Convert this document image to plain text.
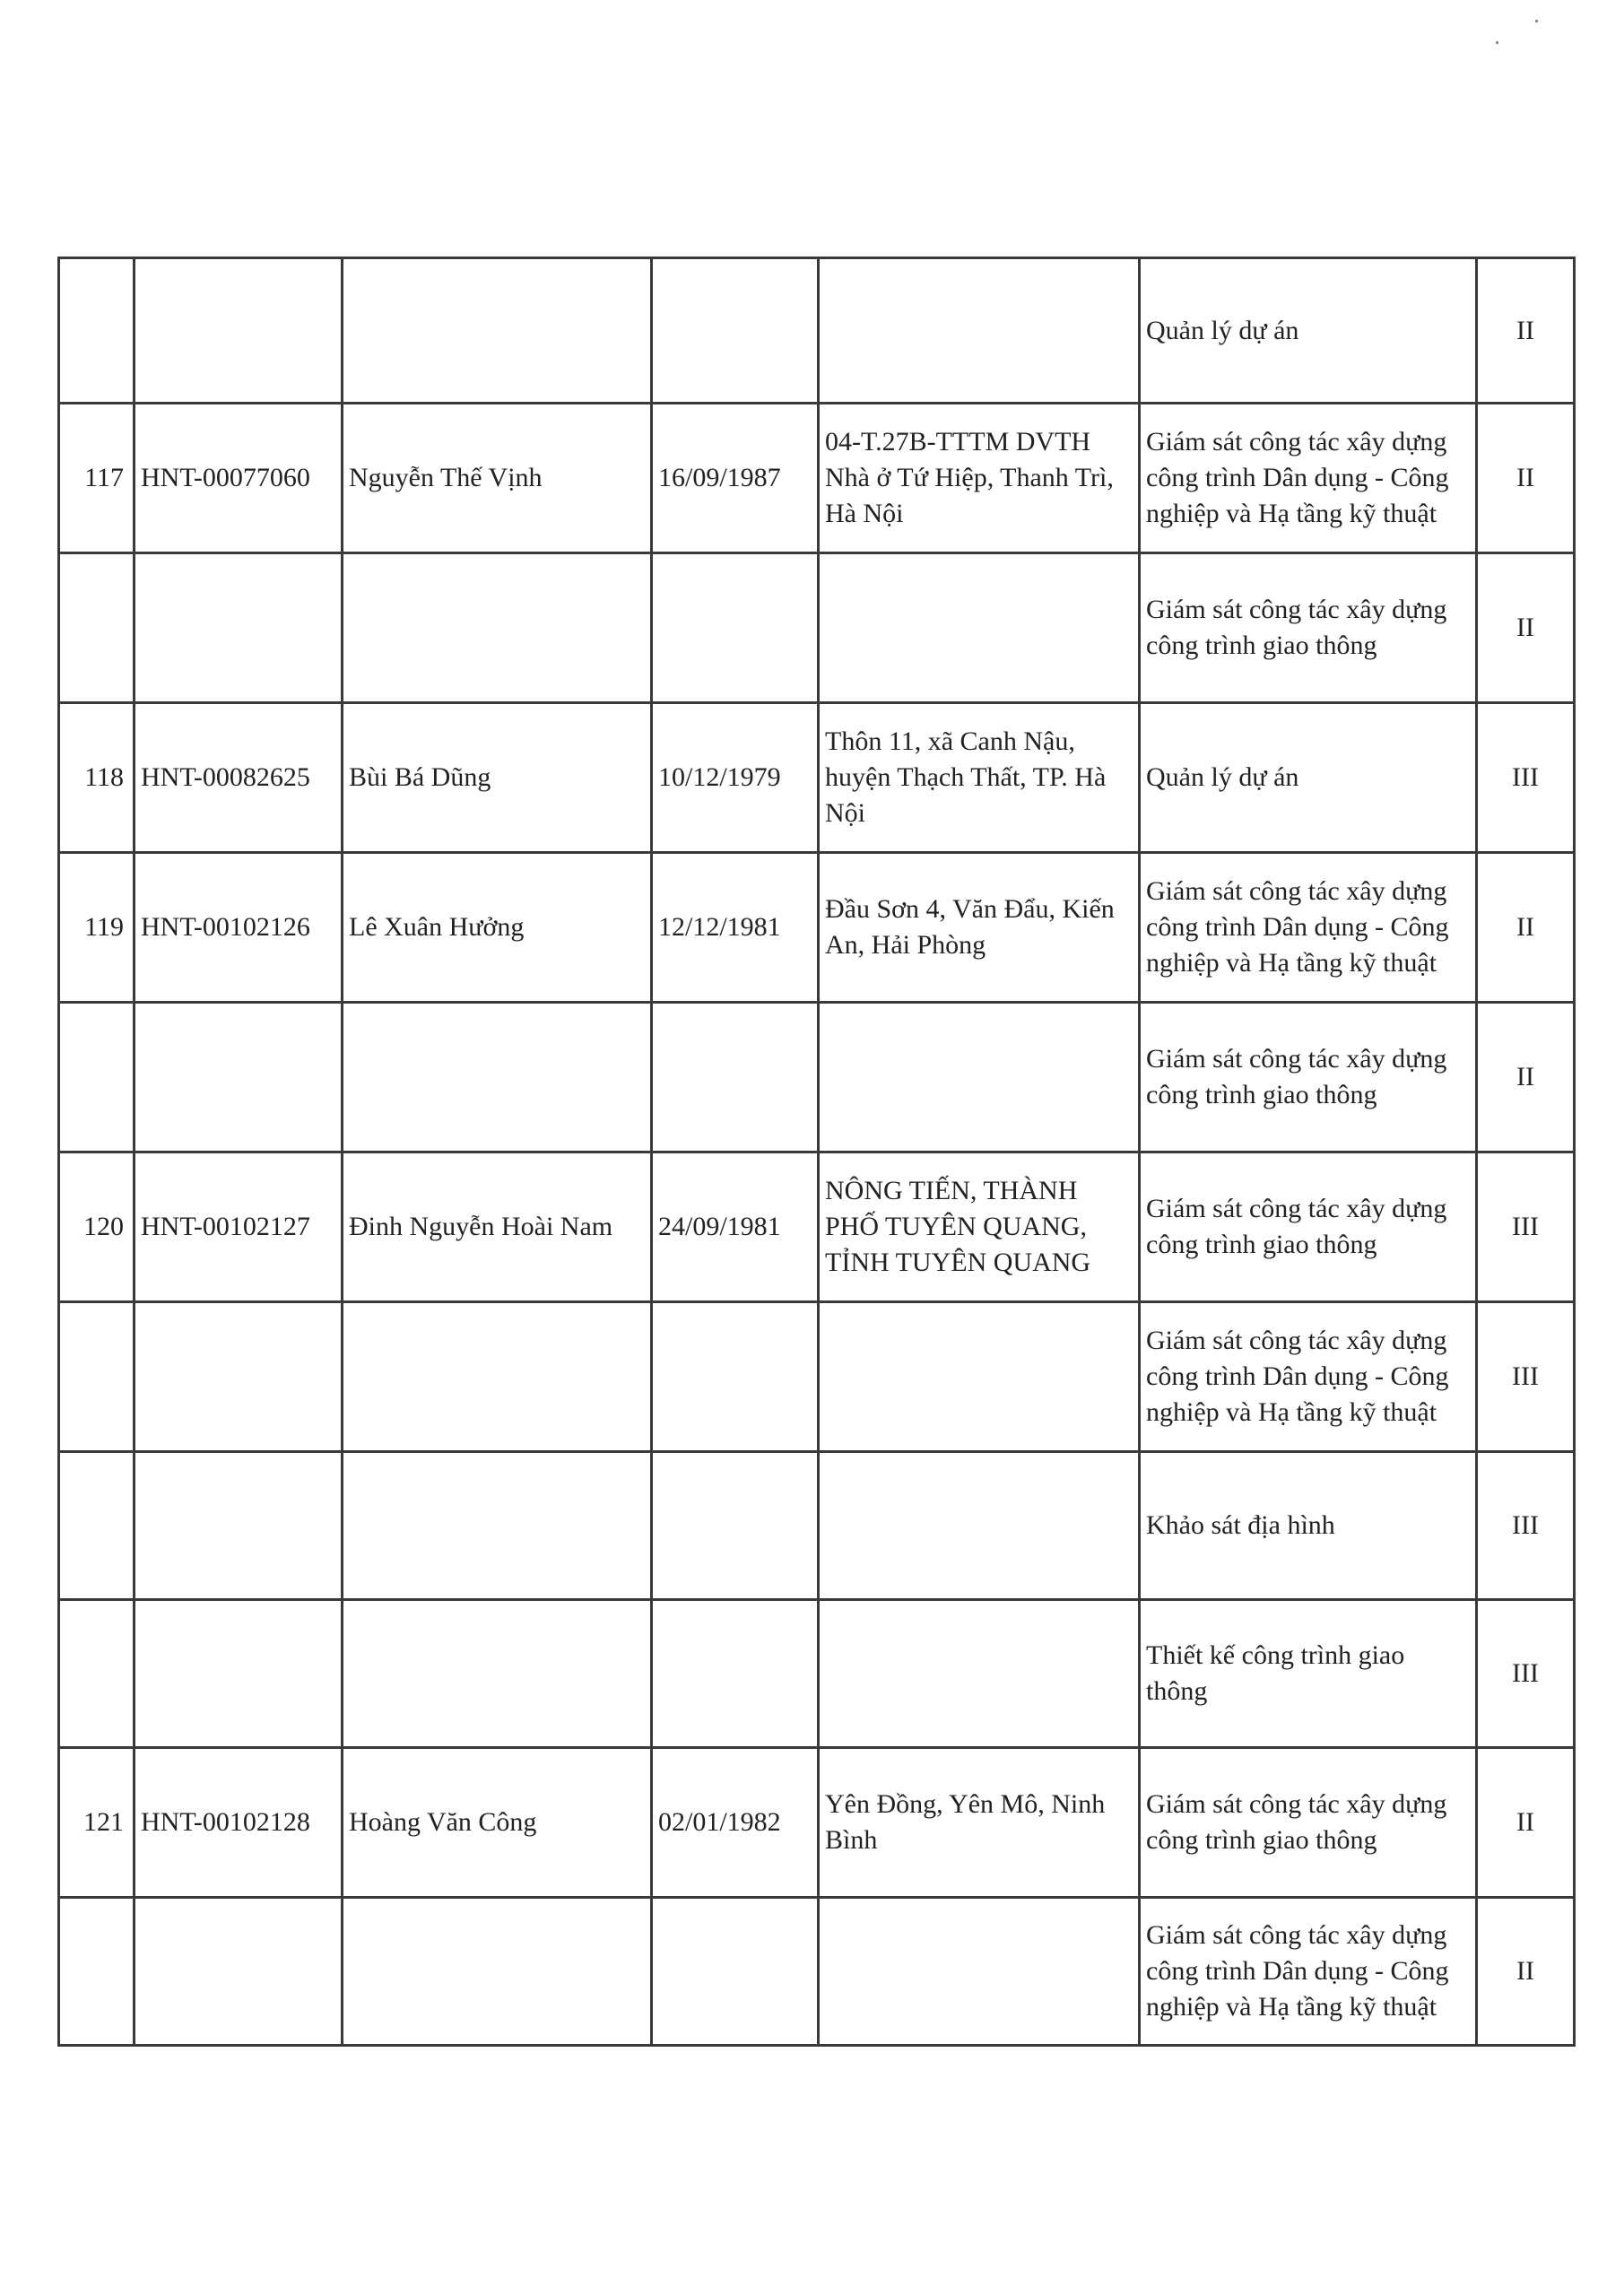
					Quản lý dự án	II
117	HNT-00077060	Nguyễn Thế Vịnh	16/09/1987	04-T.27B-TTTM DVTH Nhà ở Tứ Hiệp, Thanh Trì, Hà Nội	Giám sát công tác xây dựng công trình Dân dụng - Công nghiệp và Hạ tầng kỹ thuật	II
					Giám sát công tác xây dựng công trình giao thông	II
118	HNT-00082625	Bùi Bá Dũng	10/12/1979	Thôn 11, xã Canh Nậu, huyện Thạch Thất, TP. Hà Nội	Quản lý dự án	III
119	HNT-00102126	Lê Xuân Hưởng	12/12/1981	Đầu Sơn 4, Văn Đẩu, Kiến An, Hải Phòng	Giám sát công tác xây dựng công trình Dân dụng - Công nghiệp và Hạ tầng kỹ thuật	II
					Giám sát công tác xây dựng công trình giao thông	II
120	HNT-00102127	Đinh Nguyễn Hoài Nam	24/09/1981	NÔNG TIẾN, THÀNH PHỐ TUYÊN QUANG, TỈNH TUYÊN QUANG	Giám sát công tác xây dựng công trình giao thông	III
					Giám sát công tác xây dựng công trình Dân dụng - Công nghiệp và Hạ tầng kỹ thuật	III
					Khảo sát địa hình	III
					Thiết kế công trình giao thông	III
121	HNT-00102128	Hoàng Văn Công	02/01/1982	Yên Đồng, Yên Mô, Ninh Bình	Giám sát công tác xây dựng công trình giao thông	II
					Giám sát công tác xây dựng công trình Dân dụng - Công nghiệp và Hạ tầng kỹ thuật	II
